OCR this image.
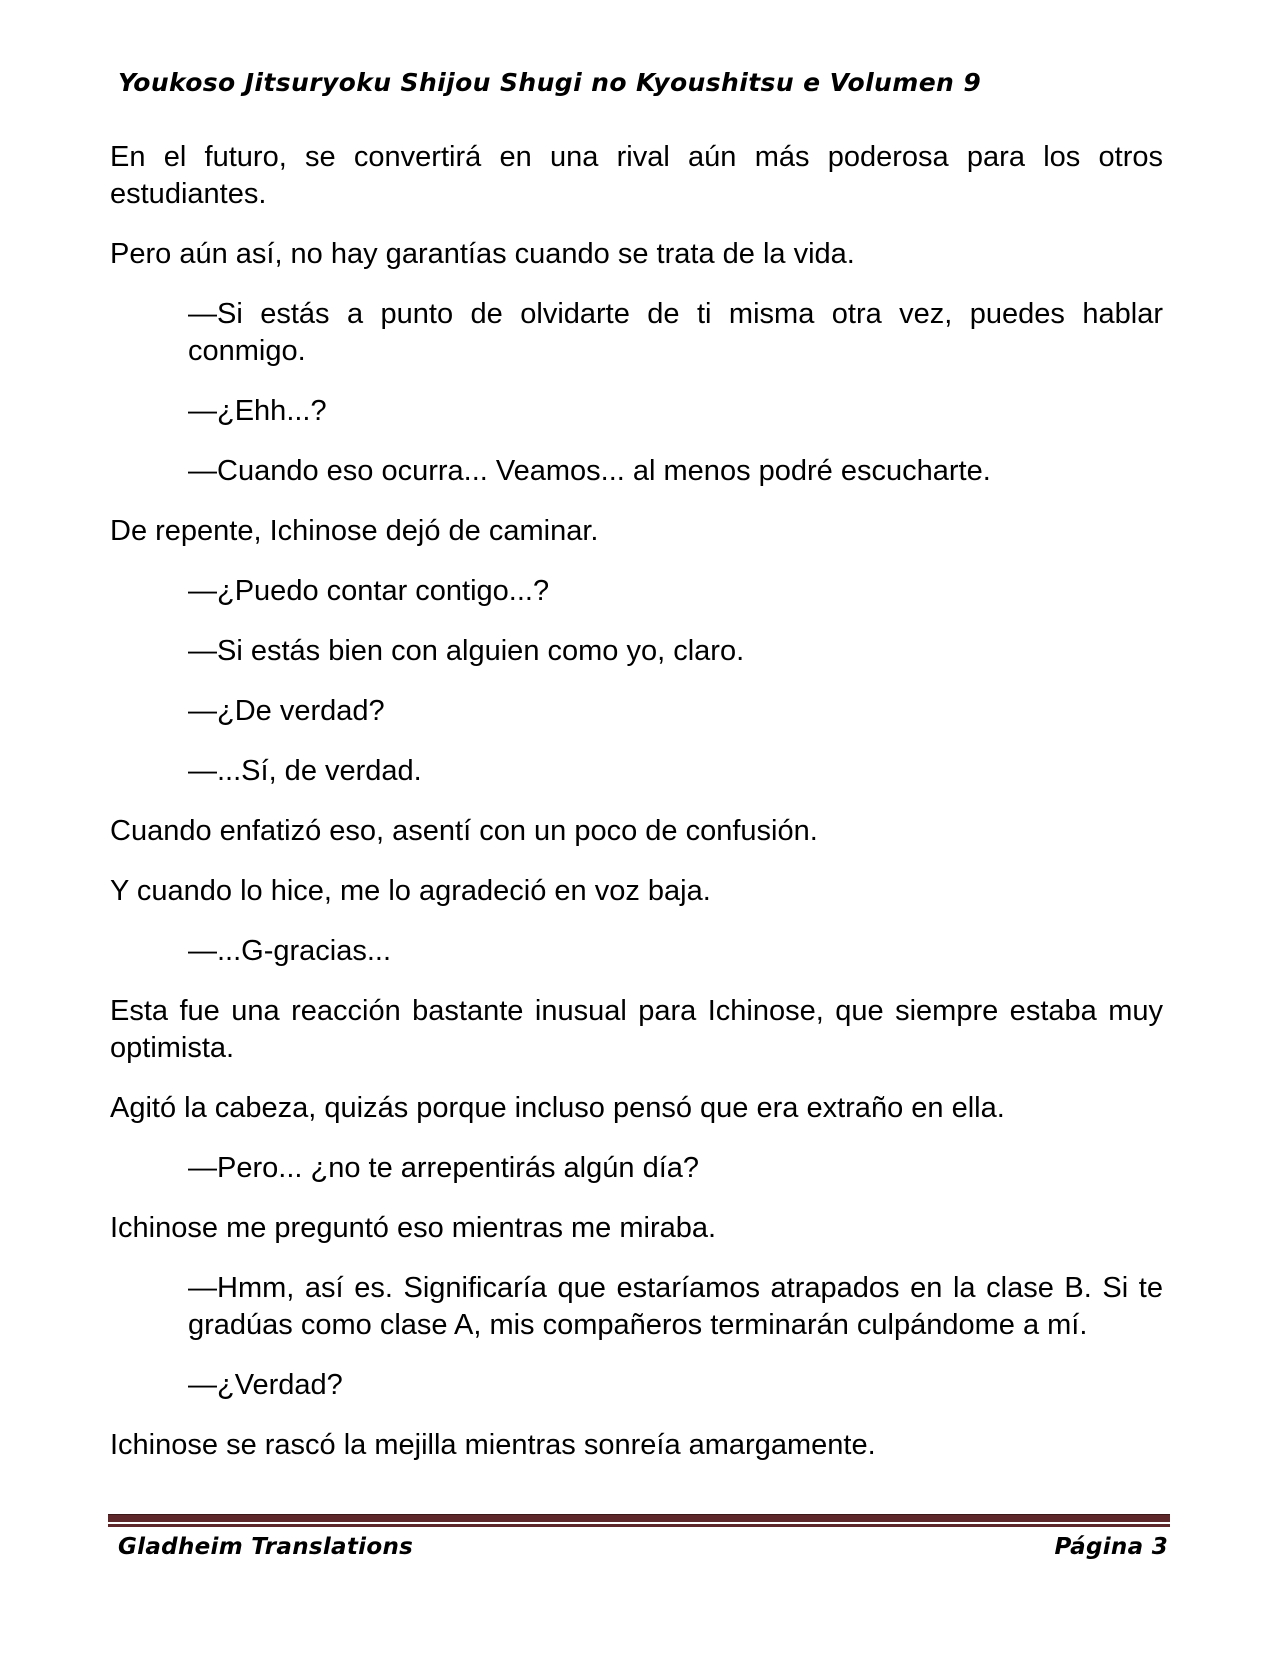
Youkoso Jitsuryoku Shijou Shugi no Kyoushitsu e Volumen 9

En el futuro, se convertirá en una rival aún más poderosa para los otros estudiantes.

Pero aún así, no hay garantías cuando se trata de la vida.

—Si estás a punto de olvidarte de ti misma otra vez, puedes hablar conmigo.

—¿Ehh...?

—Cuando eso ocurra... Veamos... al menos podré escucharte.

De repente, Ichinose dejó de caminar.

—¿Puedo contar contigo...?

—Si estás bien con alguien como yo, claro.

—¿De verdad?

—...Sí, de verdad.

Cuando enfatizó eso, asentí con un poco de confusión.

Y cuando lo hice, me lo agradeció en voz baja.

—...G-gracias...

Esta fue una reacción bastante inusual para Ichinose, que siempre estaba muy optimista.

Agitó la cabeza, quizás porque incluso pensó que era extraño en ella.

—Pero... ¿no te arrepentirás algún día?

Ichinose me preguntó eso mientras me miraba.

—Hmm, así es. Significaría que estaríamos atrapados en la clase B. Si te gradúas como clase A, mis compañeros terminarán culpándome a mí.

—¿Verdad?

Ichinose se rascó la mejilla mientras sonreía amargamente.

Gladheim Translations	Página 3
